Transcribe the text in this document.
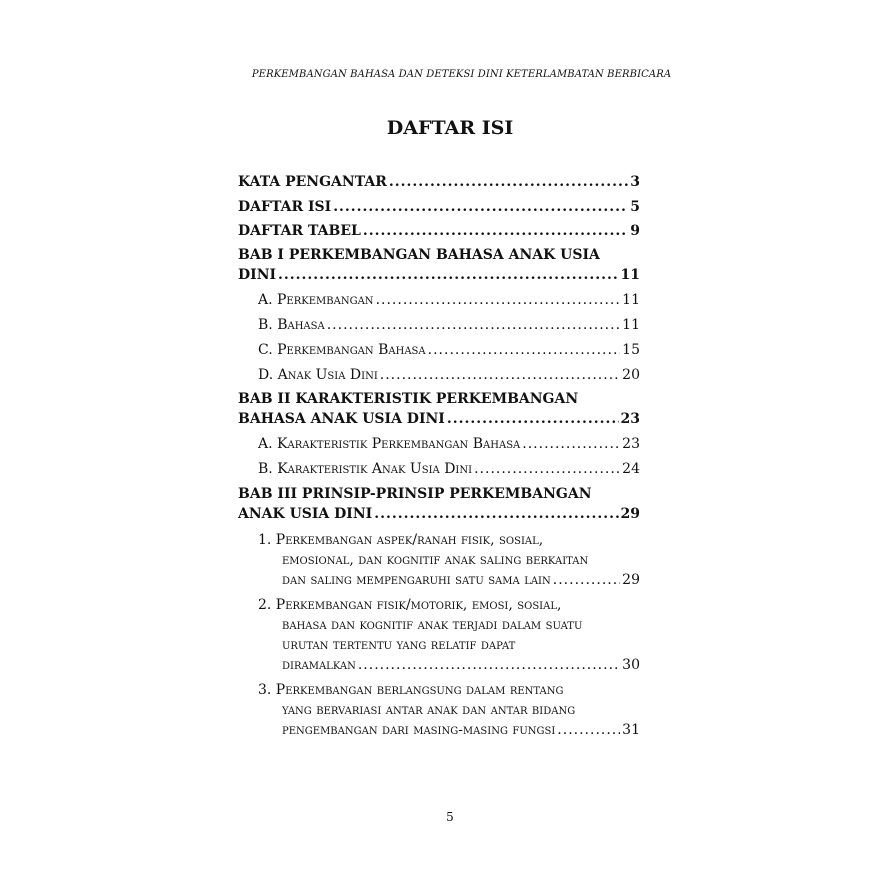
PERKEMBANGAN BAHASA DAN DETEKSI DINI KETERLAMBATAN BERBICARA
DAFTAR ISI
KATA PENGANTAR .....	3
DAFTAR ISI .....	5
DAFTAR TABEL .....	9
BAB I PERKEMBANGAN BAHASA ANAK USIA
DINI .....	11
A. Perkembangan .....	11
B. Bahasa .....	11
C. Perkembangan Bahasa .....	15
D. Anak Usia Dini .....	20
BAB II KARAKTERISTIK PERKEMBANGAN
BAHASA ANAK USIA DINI .....	23
A. Karakteristik Perkembangan Bahasa .....	23
B. Karakteristik Anak Usia Dini .....	24
BAB III PRINSIP-PRINSIP PERKEMBANGAN
ANAK USIA DINI .....	29
1. Perkembangan aspek/ranah fisik, sosial,
emosional, dan kognitif anak saling berkaitan
dan saling mempengaruhi satu sama lain .....	29
2. Perkembangan fisik/motorik, emosi, sosial,
bahasa dan kognitif anak terjadi dalam suatu
urutan tertentu yang relatif dapat
diramalkan .....	30
3. Perkembangan berlangsung dalam rentang
yang bervariasi antar anak dan antar bidang
pengembangan dari masing-masing fungsi .....	31
5
